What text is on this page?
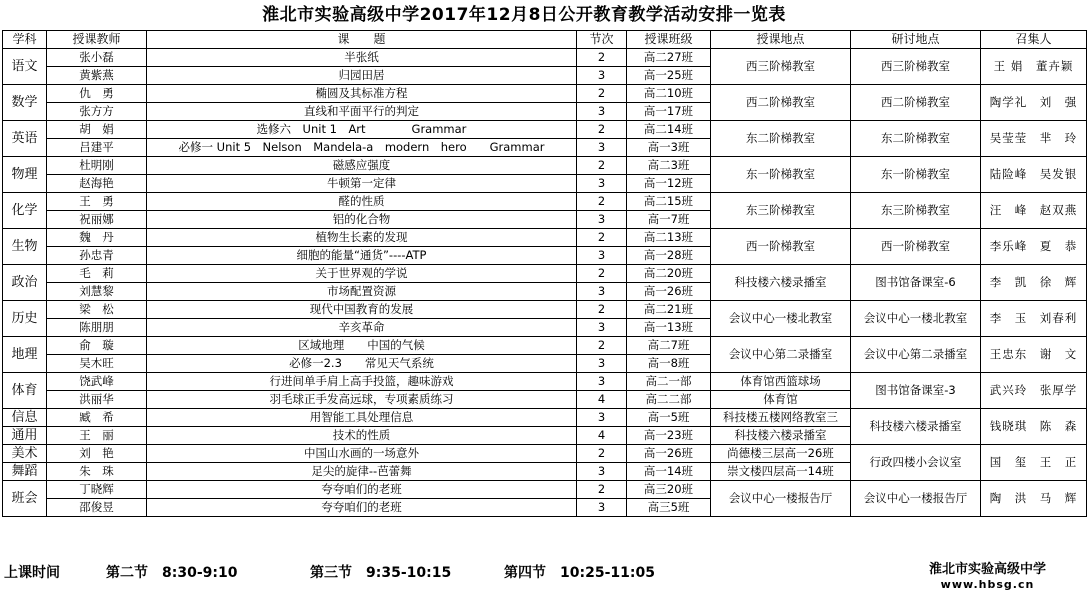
淮北市实验高级中学2017年12月8日公开教育教学活动安排一览表
学科	授课教师	课　　题	节次	授课班级	授课地点	研讨地点	召集人
语文	张小磊	半张纸	2	高二27班	西三阶梯教室	西三阶梯教室	王 娟　董卉颖
	黄紫燕	归园田居	3	高一25班			
数学	仇　勇	椭圆及其标准方程	2	高二10班	西二阶梯教室	西二阶梯教室	陶学礼　刘　强
	张方方	直线和平面平行的判定	3	高一17班			
英语	胡　娟	选修六　Unit 1　Art　　　　Grammar	2	高二14班	东二阶梯教室	东二阶梯教室	吴莹莹　芈　玲
	吕建平	必修一 Unit 5　Nelson　Mandela-a　modern　hero　　Grammar	3	高一3班			
物理	杜明刚	磁感应强度	2	高二3班	东一阶梯教室	东一阶梯教室	陆险峰　吴发银
	赵海艳	牛顿第一定律	3	高一12班			
化学	王　勇	醛的性质	2	高二15班	东三阶梯教室	东三阶梯教室	汪　峰　赵双燕
	祝丽娜	铝的化合物	3	高一7班			
生物	魏　丹	植物生长素的发现	2	高二13班	西一阶梯教室	西一阶梯教室	李乐峰　夏　恭
	孙忠青	细胞的能量“通货”----ATP	3	高一28班			
政治	毛　莉	关于世界观的学说	2	高二20班	科技楼六楼录播室	图书馆备课室-6	李　凯　徐　辉
	刘慧黎	市场配置资源	3	高一26班			
历史	梁　松	现代中国教育的发展	2	高二21班	会议中心一楼北教室	会议中心一楼北教室	李　玉　刘春利
	陈朋朋	辛亥革命	3	高一13班			
地理	俞　璇	区域地理　　中国的气候	2	高二7班	会议中心第二录播室	会议中心第二录播室	王忠东　谢　文
	吴木旺	必修一2.3　　常见天气系统	3	高一8班			
体育	饶武峰	行进间单手肩上高手投篮，趣味游戏	3	高二一部	体育馆西篮球场	图书馆备课室-3	武兴玲　张厚学
	洪丽华	羽毛球正手发高远球，专项素质练习	4	高二二部	体育馆		
信息	臧　希	用智能工具处理信息	3	高一5班	科技楼五楼网络教室三	科技楼六楼录播室	钱晓琪　陈　森
通用	王　丽	技术的性质	4	高一23班	科技楼六楼录播室		
美术	刘　艳	中国山水画的一场意外	2	高一26班	尚德楼三层高一26班	行政四楼小会议室	国　玺　王　正
舞蹈	朱　珠	足尖的旋律--芭蕾舞	3	高一14班	崇文楼四层高一14班		
班会	丁晓辉	夸夸咱们的老班	2	高三20班	会议中心一楼报告厅	会议中心一楼报告厅	陶　洪　马　辉
	邵俊昱	夸夸咱们的老班	3	高三5班			
上课时间	第二节　8:30-9:10	第三节　9:35-10:15	第四节　10:25-11:05	淮北市实验高级中学
www.hbsg.cn
